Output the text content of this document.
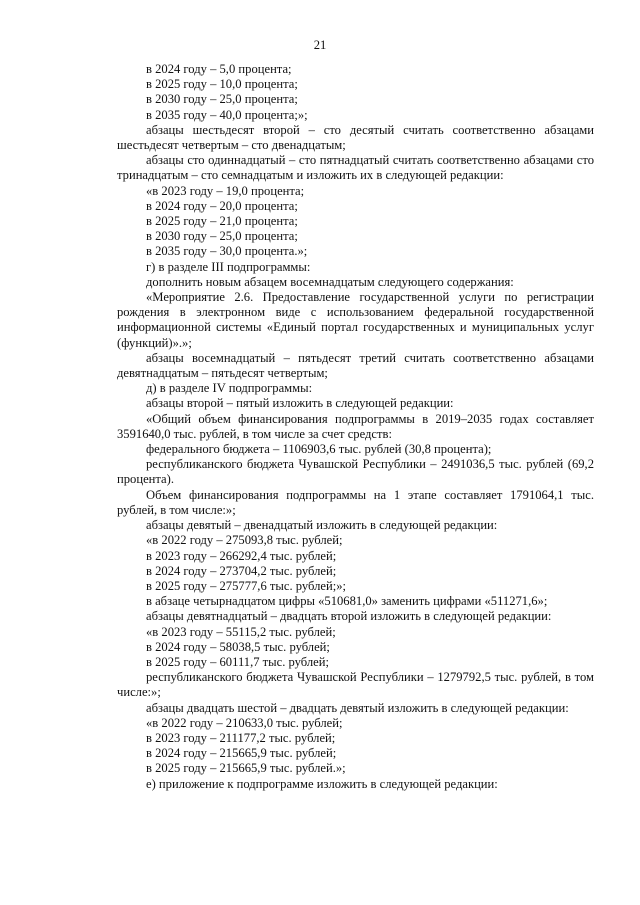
21

в 2024 году – 5,0 процента;

в 2025 году – 10,0 процента;

в 2030 году – 25,0 процента;

в 2035 году – 40,0 процента;»;

абзацы шестьдесят второй – сто десятый считать соответственно абзацами шестьдесят четвертым – сто двенадцатым;

абзацы сто одиннадцатый – сто пятнадцатый считать соответственно абзацами сто тринадцатым – сто семнадцатым и изложить их в следующей редакции:

«в 2023 году – 19,0 процента;

в 2024 году – 20,0 процента;

в 2025 году – 21,0 процента;

в 2030 году – 25,0 процента;

в 2035 году – 30,0 процента.»;

г) в разделе III подпрограммы:

дополнить новым абзацем восемнадцатым следующего содержания:

«Мероприятие 2.6. Предоставление государственной услуги по регистрации рождения в электронном виде с использованием федеральной государственной информационной системы «Единый портал государственных и муниципальных услуг (функций)».»;

абзацы восемнадцатый – пятьдесят третий считать соответственно абзацами девятнадцатым – пятьдесят четвертым;

д) в разделе IV подпрограммы:

абзацы второй – пятый изложить в следующей редакции:

«Общий объем финансирования подпрограммы в 2019–2035 годах составляет 3591640,0 тыс. рублей, в том числе за счет средств:

федерального бюджета – 1106903,6 тыс. рублей (30,8 процента);

республиканского бюджета Чувашской Республики – 2491036,5 тыс. рублей (69,2 процента).

Объем финансирования подпрограммы на 1 этапе составляет 1791064,1 тыс. рублей, в том числе:»;

абзацы девятый – двенадцатый изложить в следующей редакции:

«в 2022 году – 275093,8 тыс. рублей;

в 2023 году – 266292,4 тыс. рублей;

в 2024 году – 273704,2 тыс. рублей;

в 2025 году – 275777,6 тыс. рублей;»;

в абзаце четырнадцатом цифры «510681,0» заменить цифрами «511271,6»;

абзацы девятнадцатый – двадцать второй изложить в следующей редакции:

«в 2023 году – 55115,2 тыс. рублей;

в 2024 году – 58038,5 тыс. рублей;

в 2025 году – 60111,7 тыс. рублей;

республиканского бюджета Чувашской Республики – 1279792,5 тыс. рублей, в том числе:»;

абзацы двадцать шестой – двадцать девятый изложить в следующей редакции:

«в 2022 году – 210633,0 тыс. рублей;

в 2023 году – 211177,2 тыс. рублей;

в 2024 году – 215665,9 тыс. рублей;

в 2025 году – 215665,9 тыс. рублей.»;

е) приложение к подпрограмме изложить в следующей редакции:
